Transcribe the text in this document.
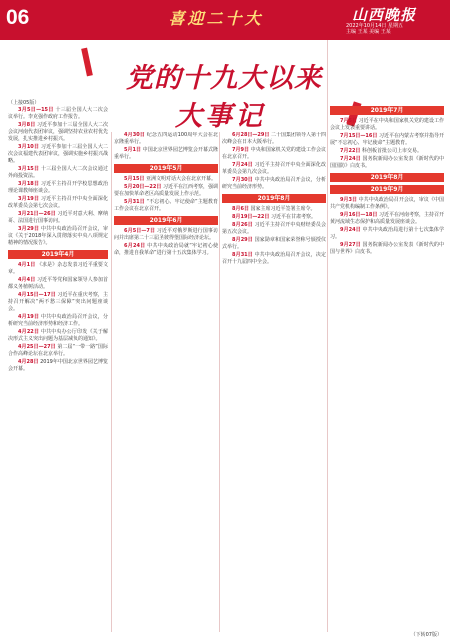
06	喜迎二十大	山西晚报
2022年10月14日 星期五
主编 王某 美编 王某
党的十九大以来
大事记
（上接05版）

3月5日—15日 十三届全国人大二次会议举行。李克强作政府工作报告。

3月8日 习近平参加十三届全国人大二次会议河南代表团审议，强调坚持农业农村优先发展，扎实推进乡村振兴。

3月10日 习近平参加十三届全国人大二次会议福建代表团审议，强调实施乡村振兴战略。

3月15日 十三届全国人大二次会议通过外商投资法。

3月18日 习近平主持召开学校思想政治理论课教师座谈会。

3月19日 习近平主持召开中央全面深化改革委员会第七次会议。

3月21日—26日 习近平对意大利、摩纳哥、法国进行国事访问。

3月29日 中共中央政治局召开会议，审议《关于2018年深入贯彻落实中央八项规定精神的情况报告》。

2019年4月

4月1日 《求是》杂志发表习近平重要文章。

4月4日 习近平等党和国家领导人参加首都义务植树活动。

4月15日—17日 习近平在重庆考察，主持召开解决“两不愁三保障”突出问题座谈会。

4月19日 中共中央政治局召开会议，分析研究当前经济形势和经济工作。

4月22日 中共中央办公厅印发《关于解决形式主义突出问题为基层减负的通知》。

4月25日—27日 第二届“一带一路”国际合作高峰论坛在北京举行。

4月28日 2019年中国北京世界园艺博览会开幕。

4月30日 纪念五四运动100周年大会在北京隆重举行。

5月1日 中国北京世界园艺博览会开幕式隆重举行。

2019年5月

5月15日 亚洲文明对话大会在北京开幕。

5月20日—22日 习近平在江西考察，强调要在加快革命老区高质量发展上作示范。

5月31日 “不忘初心、牢记使命”主题教育工作会议在北京召开。

2019年6月

6月5日—7日 习近平对俄罗斯进行国事访问并出席第二十三届圣彼得堡国际经济论坛。

6月24日 中共中央政治局就“牢记初心使命，推进自我革命”进行第十五次集体学习。

6月28日—29日 二十国集团领导人第十四次峰会在日本大阪举行。

7月9日 中央和国家机关党的建设工作会议在北京召开。

7月24日 习近平主持召开中央全面深化改革委员会第九次会议。

7月30日 中共中央政治局召开会议，分析研究当前经济形势。

2019年8月

8月6日 国家主席习近平签署主席令。

8月19日—22日 习近平在甘肃考察。

8月26日 习近平主持召开中央财经委员会第五次会议。

8月29日 国家勋章和国家荣誉称号颁授仪式举行。

8月31日 中共中央政治局召开会议，决定召开十九届四中全会。

2019年7月

7月5日 习近平在中央和国家机关党的建设工作会议上发表重要讲话。

7月15日—16日 习近平在内蒙古考察并指导开展“不忘初心、牢记使命”主题教育。

7月22日 科创板首批公司上市交易。

7月24日 国务院新闻办公室发表《新时代的中国国防》白皮书。

2019年8月
2019年9月

9月3日 中共中央政治局召开会议，审议《中国共产党机构编制工作条例》。

9月16日—18日 习近平在河南考察，主持召开黄河流域生态保护和高质量发展座谈会。

9月24日 中共中央政治局进行第十七次集体学习。

9月27日 国务院新闻办公室发表《新时代的中国与世界》白皮书。

（下转07版）
